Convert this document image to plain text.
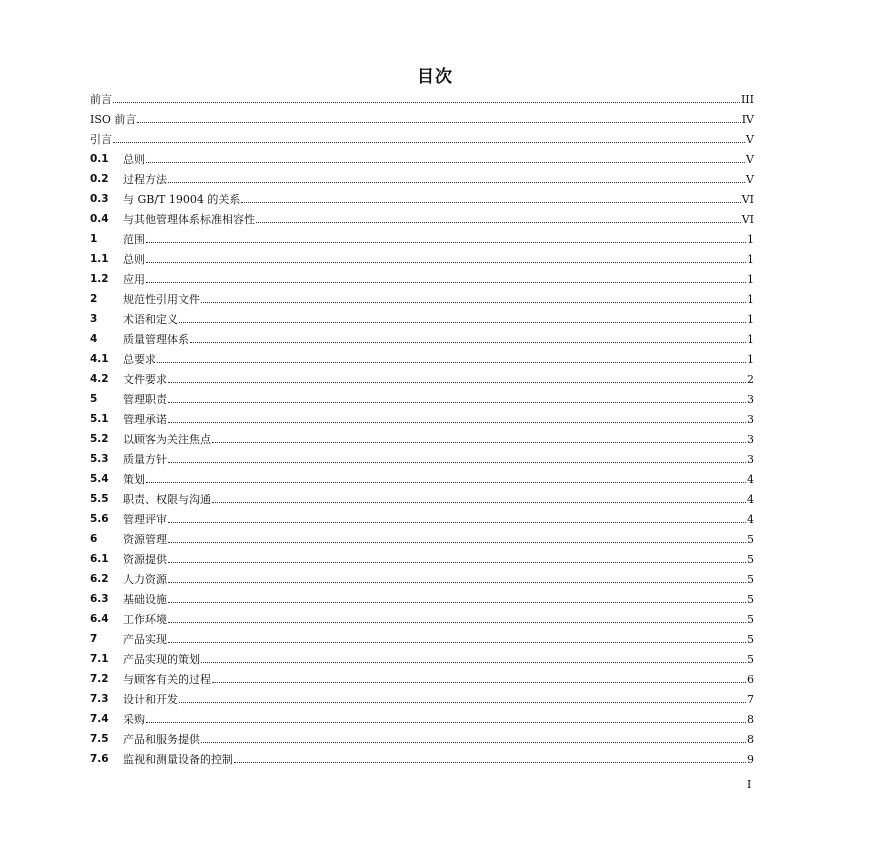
目次
前言	III
ISO 前言	IV
引言	V
0.1	总则	V
0.2	过程方法	V
0.3	与 GB/T 19004 的关系	VI
0.4	与其他管理体系标准相容性	VI
1	范围	1
1.1	总则	1
1.2	应用	1
2	规范性引用文件	1
3	术语和定义	1
4	质量管理体系	1
4.1	总要求	1
4.2	文件要求	2
5	管理职责	3
5.1	管理承诺	3
5.2	以顾客为关注焦点	3
5.3	质量方针	3
5.4	策划	4
5.5	职责、权限与沟通	4
5.6	管理评审	4
6	资源管理	5
6.1	资源提供	5
6.2	人力资源	5
6.3	基础设施	5
6.4	工作环境	5
7	产品实现	5
7.1	产品实现的策划	5
7.2	与顾客有关的过程	6
7.3	设计和开发	7
7.4	采购	8
7.5	产品和服务提供	8
7.6	监视和测量设备的控制	9
I
